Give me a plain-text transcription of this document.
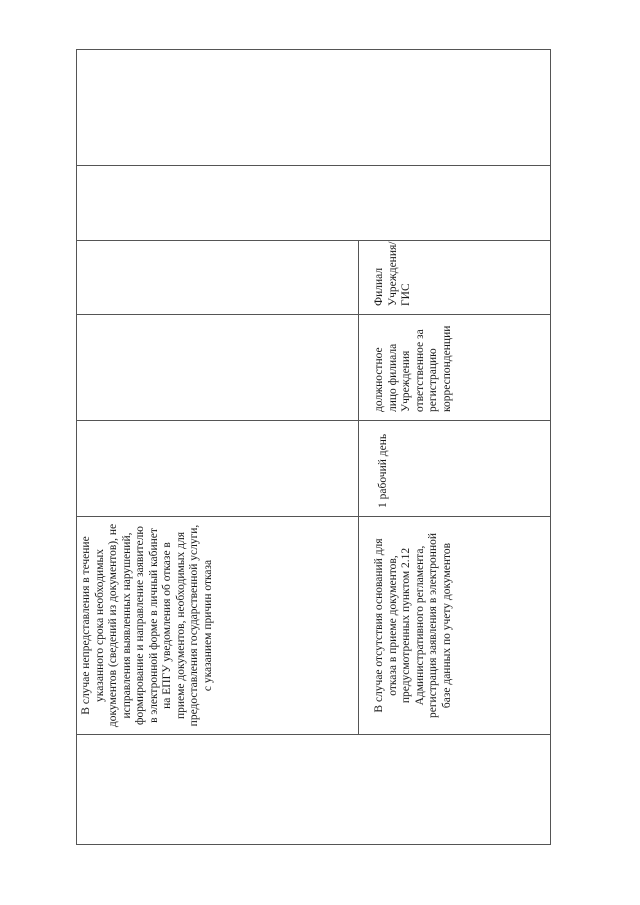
	В случае непредставления в течение указанного срока необходимых документов (сведений из документов), не исправления выявленных нарушений, формирование и направление заявителю в электронной форме в личный кабинет на ЕПГУ уведомления об отказе в приеме документов, необходимых для предоставления государственной услуги, с указанием причин отказа					

	В случае отсутствия оснований для отказа в приеме документов, предусмотренных пунктом 2.12 Административного регламента, регистрация заявления в электронной базе данных по учету документов	1 рабочий день	должностное лицо филиала Учреждения ответственное за регистрацию корреспонденции	Филиал Учреждения/ГИС		
